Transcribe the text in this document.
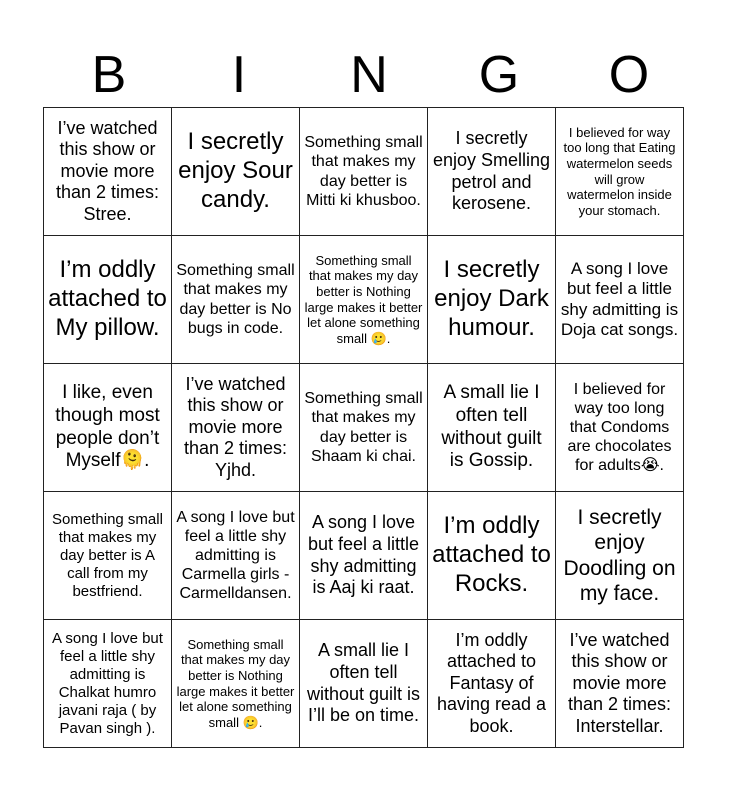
B	I	N	G	O
I’ve watched this show or movie more than 2 times: Stree.	I secretly enjoy Sour candy.	Something small that makes my day better is Mitti ki khusboo.	I secretly enjoy Smelling petrol and kerosene.	I believed for way too long that Eating watermelon seeds will grow watermelon inside your stomach.
I’m oddly attached to My pillow.	Something small that makes my day better is No bugs in code.	Something small that makes my day better is Nothing large makes it better let alone something small 🥲.	I secretly enjoy Dark humour.	A song I love but feel a little shy admitting is Doja cat songs.
I like, even though most people don’t Myself🫠.	I’ve watched this show or movie more than 2 times: Yjhd.	Something small that makes my day better is Shaam ki chai.	A small lie I often tell without guilt is Gossip.	I believed for way too long that Condoms are chocolates for adults😭.
Something small that makes my day better is A call from my bestfriend.	A song I love but feel a little shy admitting is Carmella girls - Carmelldansen.	A song I love but feel a little shy admitting is Aaj ki raat.	I’m oddly attached to Rocks.	I secretly enjoy Doodling on my face.
A song I love but feel a little shy admitting is Chalkat humro javani raja ( by Pavan singh ).	Something small that makes my day better is Nothing large makes it better let alone something small 🥲.	A small lie I often tell without guilt is I’ll be on time.	I’m oddly attached to Fantasy of having read a book.	I’ve watched this show or movie more than 2 times: Interstellar.
